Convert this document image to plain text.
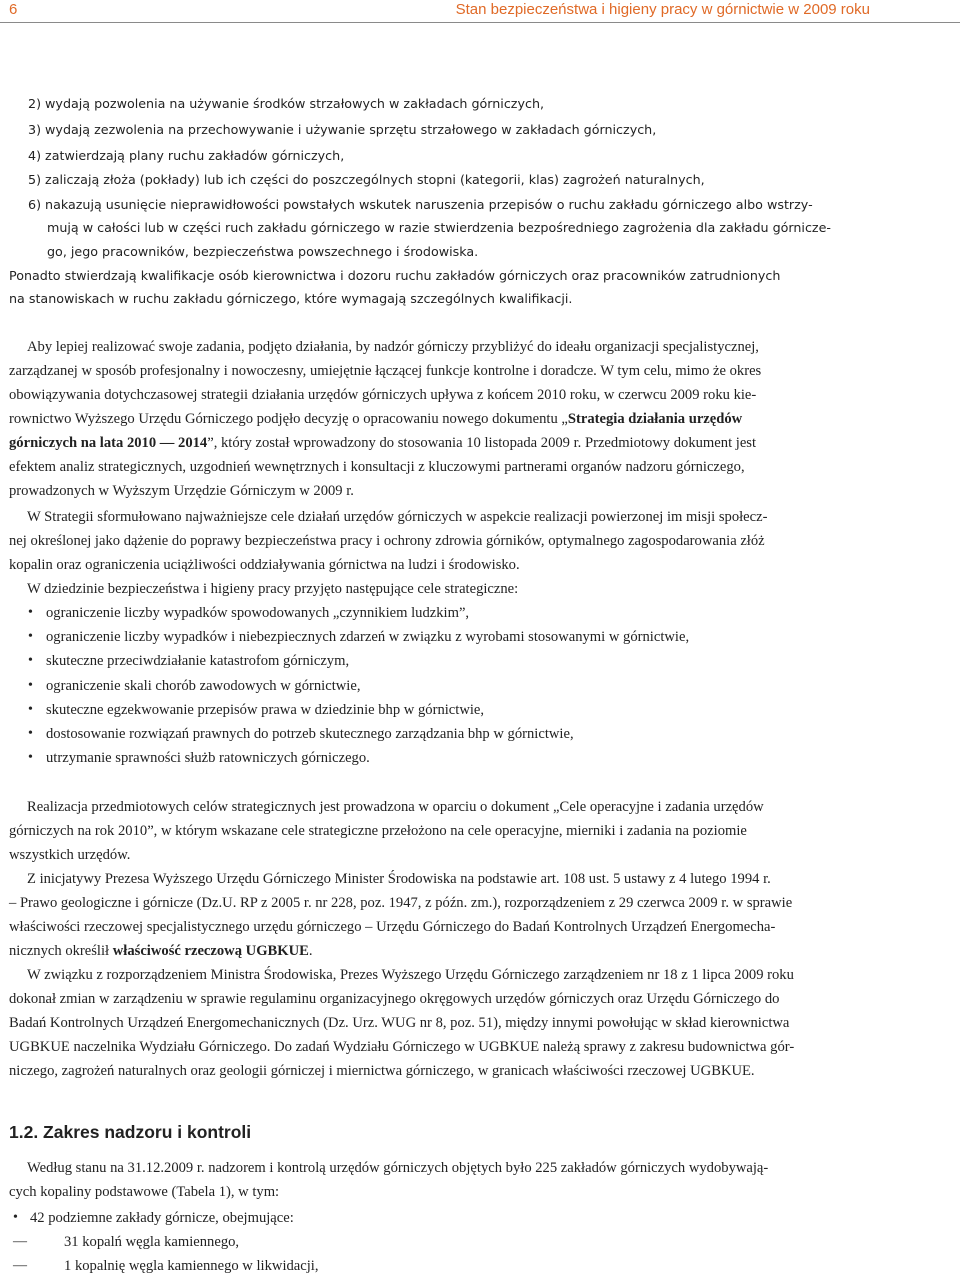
6	Stan bezpieczeństwa i higieny pracy w górnictwie w 2009 roku
2) wydają pozwolenia na używanie środków strzałowych w zakładach górniczych,
3) wydają zezwolenia na przechowywanie i używanie sprzętu strzałowego w zakładach górniczych,
4) zatwierdzają plany ruchu zakładów górniczych,
5) zaliczają złoża (pokłady) lub ich części do poszczególnych stopni (kategorii, klas) zagrożeń naturalnych,
6) nakazują usunięcie nieprawidłowości powstałych wskutek naruszenia przepisów o ruchu zakładu górniczego albo wstrzy-
mują w całości lub w części ruch zakładu górniczego w razie stwierdzenia bezpośredniego zagrożenia dla zakładu górnicze-
go, jego pracowników, bezpieczeństwa powszechnego i środowiska.
Ponadto stwierdzają kwalifikacje osób kierownictwa i dozoru ruchu zakładów górniczych oraz pracowników zatrudnionych
na stanowiskach w ruchu zakładu górniczego, które wymagają szczególnych kwalifikacji.
Aby lepiej realizować swoje zadania, podjęto działania, by nadzór górniczy przybliżyć do ideału organizacji specjalistycznej,
zarządzanej w sposób profesjonalny i nowoczesny, umiejętnie łączącej funkcje kontrolne i doradcze. W tym celu, mimo że okres
obowiązywania dotychczasowej strategii działania urzędów górniczych upływa z końcem 2010 roku, w czerwcu 2009 roku kie-
rownictwo Wyższego Urzędu Górniczego podjęło decyzję o opracowaniu nowego dokumentu „Strategia działania urzędów
górniczych na lata 2010 — 2014”, który został wprowadzony do stosowania 10 listopada 2009 r. Przedmiotowy dokument jest
efektem analiz strategicznych, uzgodnień wewnętrznych i konsultacji z kluczowymi partnerami organów nadzoru górniczego,
prowadzonych w Wyższym Urzędzie Górniczym w 2009 r.
W Strategii sformułowano najważniejsze cele działań urzędów górniczych w aspekcie realizacji powierzonej im misji społecz-
nej określonej jako dążenie do poprawy bezpieczeństwa pracy i ochrony zdrowia górników, optymalnego zagospodarowania złóż
kopalin oraz ograniczenia uciążliwości oddziaływania górnictwa na ludzi i środowisko.
W dziedzinie bezpieczeństwa i higieny pracy przyjęto następujące cele strategiczne:
• ograniczenie liczby wypadków spowodowanych „czynnikiem ludzkim”,
• ograniczenie liczby wypadków i niebezpiecznych zdarzeń w związku z wyrobami stosowanymi w górnictwie,
• skuteczne przeciwdziałanie katastrofom górniczym,
• ograniczenie skali chorób zawodowych w górnictwie,
• skuteczne egzekwowanie przepisów prawa w dziedzinie bhp w górnictwie,
• dostosowanie rozwiązań prawnych do potrzeb skutecznego zarządzania bhp w górnictwie,
• utrzymanie sprawności służb ratowniczych górniczego.
Realizacja przedmiotowych celów strategicznych jest prowadzona w oparciu o dokument „Cele operacyjne i zadania urzędów
górniczych na rok 2010”, w którym wskazane cele strategiczne przełożono na cele operacyjne, mierniki i zadania na poziomie
wszystkich urzędów.
Z inicjatywy Prezesa Wyższego Urzędu Górniczego Minister Środowiska na podstawie art. 108 ust. 5 ustawy z 4 lutego 1994 r.
– Prawo geologiczne i górnicze (Dz.U. RP z 2005 r. nr 228, poz. 1947, z późn. zm.), rozporządzeniem z 29 czerwca 2009 r. w sprawie
właściwości rzeczowej specjalistycznego urzędu górniczego – Urzędu Górniczego do Badań Kontrolnych Urządzeń Energomecha-
nicznych określił właściwość rzeczową UGBKUE.
W związku z rozporządzeniem Ministra Środowiska, Prezes Wyższego Urzędu Górniczego zarządzeniem nr 18 z 1 lipca 2009 roku
dokonał zmian w zarządzeniu w sprawie regulaminu organizacyjnego okręgowych urzędów górniczych oraz Urzędu Górniczego do
Badań Kontrolnych Urządzeń Energomechanicznych (Dz. Urz. WUG nr 8, poz. 51), między innymi powołując w skład kierownictwa
UGBKUE naczelnika Wydziału Górniczego. Do zadań Wydziału Górniczego w UGBKUE należą sprawy z zakresu budownictwa gór-
niczego, zagrożeń naturalnych oraz geologii górniczej i miernictwa górniczego, w granicach właściwości rzeczowej UGBKUE.
Według stanu na 31.12.2009 r. nadzorem i kontrolą urzędów górniczych objętych było 225 zakładów górniczych wydobywają-
cych kopaliny podstawowe (Tabela 1), w tym:
• 42 podziemne zakłady górnicze, obejmujące:
—	31 kopalń węgla kamiennego,
—	1 kopalnię węgla kamiennego w likwidacji,
1.2. Zakres nadzoru i kontroli
